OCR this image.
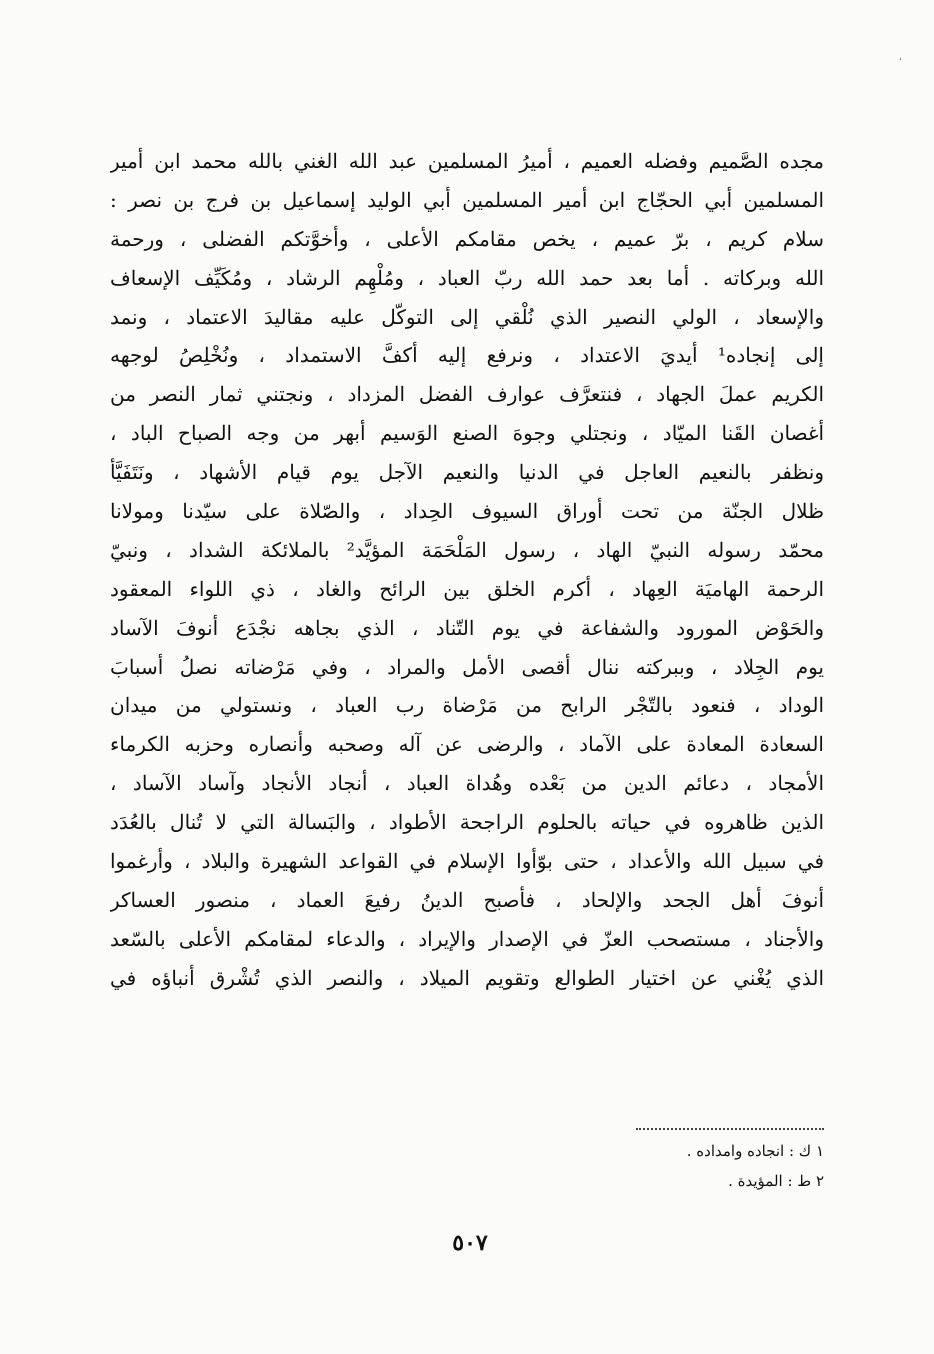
،
مجده الصَّميم وفضله العميم ، أميرُ المسلمين عبد الله الغني بالله محمد ابن أمير
المسلمين أبي الحجّاج ابن أمير المسلمين أبي الوليد إسماعيل بن فرج بن نصر :
سلام كريم ، برّ عميم ، يخص مقامكم الأعلى ، وأخوَّتكم الفضلى ، ورحمة
الله وبركاته . أما بعد حمد الله ربّ العباد ، ومُلْهِم الرشاد ، ومُكَيِّف الإسعاف
والإسعاد ، الولي النصير الذي نُلْقي إلى التوكّل عليه مقاليدَ الاعتماد ، ونمد
إلى إنجاده¹ أيديَ الاعتداد ، ونرفع إليه أكفَّ الاستمداد ، ونُخْلِصُ لوجهه
الكريم عملَ الجهاد ، فنتعرَّف عوارف الفضل المزداد ، ونجتني ثمار النصر من
أغصان القَنا الميّاد ، ونجتلي وجوهَ الصنع الوَسيم أبهر من وجه الصباح الباد ،
ونظفر بالنعيم العاجل في الدنيا والنعيم الآجل يوم قيام الأشهاد ، ونَتَفَيَّأ
ظلال الجنّة من تحت أوراق السيوف الحِداد ، والصّلاة على سيّدنا ومولانا
محمّد رسوله النبيّ الهاد ، رسول المَلْحَمَة المؤيَّد² بالملائكة الشداد ، ونبيّ
الرحمة الهاميَة العِهاد ، أكرم الخلق بين الرائح والغاد ، ذي اللواء المعقود
والحَوْض المورود والشفاعة في يوم التّناد ، الذي بجاهه نجْدَع أنوفَ الآساد
يوم الجِلاد ، وببركته ننال أقصى الأمل والمراد ، وفي مَرْضاته نصلُ أسبابَ
الوداد ، فنعود بالتّجْر الرابح من مَرْضاة رب العباد ، ونستولي من ميدان
السعادة المعادة على الآماد ، والرضى عن آله وصحبه وأنصاره وحزبه الكرماء
الأمجاد ، دعائم الدين من بَعْده وهُداة العباد ، أنجاد الأنجاد وآساد الآساد ،
الذين ظاهروه في حياته بالحلوم الراجحة الأطواد ، والبَسالة التي لا تُنال بالعُدَد
في سبيل الله والأعداد ، حتى بوّأوا الإسلام في القواعد الشهيرة والبلاد ، وأرغموا
أنوفَ أهل الجحد والإلحاد ، فأصبح الدينُ رفيعَ العماد ، منصور العساكر
والأجناد ، مستصحب العزّ في الإصدار والإيراد ، والدعاء لمقامكم الأعلى بالسّعد
الذي يُغْني عن اختيار الطوالع وتقويم الميلاد ، والنصر الذي تُشْرق أنباؤه في
١ ك : انجاده وامداده .
٢ ط : المؤيدة .
٥٠٧
